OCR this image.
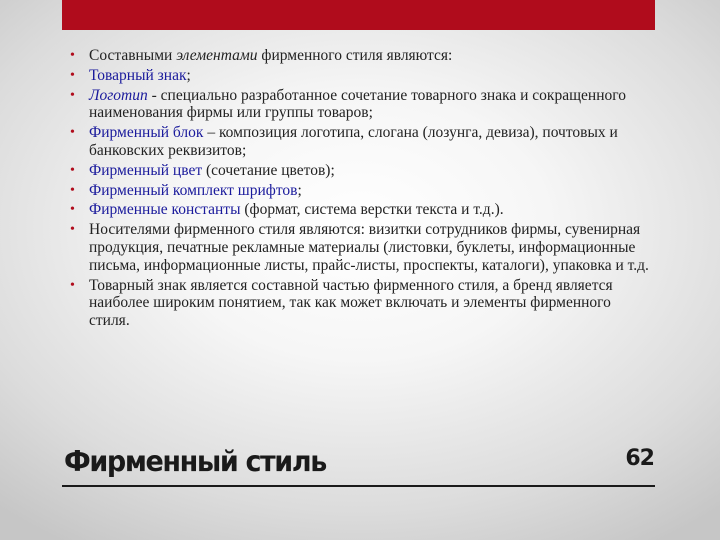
• Составными элементами фирменного стиля являются:
• Товарный знак;
• Логотип - специально разработанное сочетание товарного знака и сокращенного наименования фирмы или группы товаров;
• Фирменный блок – композиция логотипа, слогана (лозунга, девиза), почтовых и банковских реквизитов;
• Фирменный цвет (сочетание цветов);
• Фирменный комплект шрифтов;
• Фирменные константы (формат, система верстки текста и т.д.).
• Носителями фирменного стиля являются: визитки сотрудников фирмы, сувенирная продукция, печатные рекламные материалы (листовки, буклеты, информационные письма, информационные листы, прайс-листы, проспекты, каталоги), упаковка и т.д.
• Товарный знак является составной частью фирменного стиля, а бренд является наиболее широким понятием, так как может включать и элементы фирменного стиля.
Фирменный стиль	62
